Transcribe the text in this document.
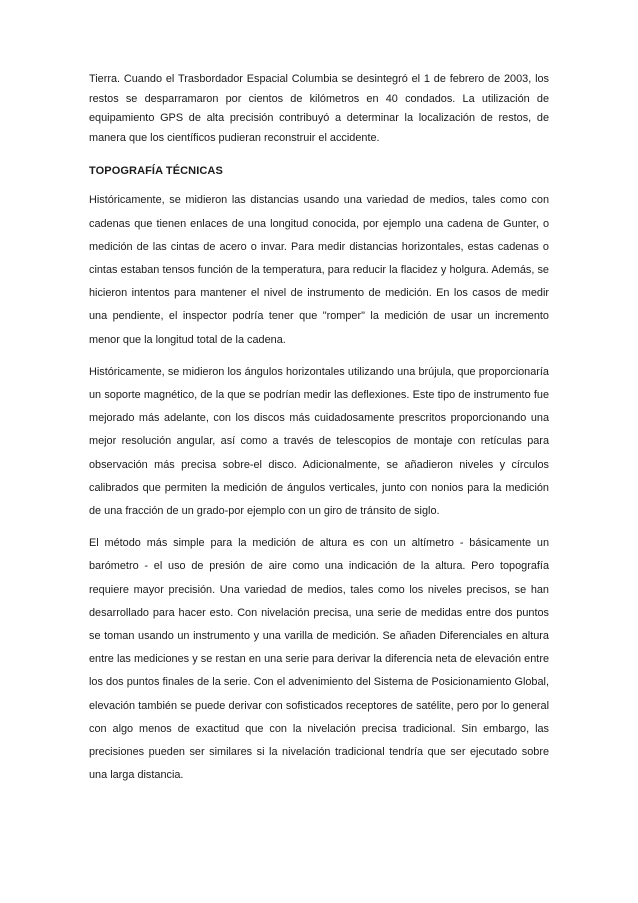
Tierra. Cuando el Trasbordador Espacial Columbia se desintegró el 1 de febrero de 2003, los restos se desparramaron por cientos de kilómetros en 40 condados. La utilización de equipamiento GPS de alta precisión contribuyó a determinar la localización de restos, de manera que los científicos pudieran reconstruir el accidente.

TOPOGRAFÍA TÉCNICAS

Históricamente, se midieron las distancias usando una variedad de medios, tales como con cadenas que tienen enlaces de una longitud conocida, por ejemplo una cadena de Gunter, o medición de las cintas de acero o invar. Para medir distancias horizontales, estas cadenas o cintas estaban tensos función de la temperatura, para reducir la flacidez y holgura. Además, se hicieron intentos para mantener el nivel de instrumento de medición. En los casos de medir una pendiente, el inspector podría tener que "romper" la medición de usar un incremento menor que la longitud total de la cadena.

Históricamente, se midieron los ángulos horizontales utilizando una brújula, que proporcionaría un soporte magnético, de la que se podrían medir las deflexiones. Este tipo de instrumento fue mejorado más adelante, con los discos más cuidadosamente prescritos proporcionando una mejor resolución angular, así como a través de telescopios de montaje con retículas para observación más precisa sobre-el disco. Adicionalmente, se añadieron niveles y círculos calibrados que permiten la medición de ángulos verticales, junto con nonios para la medición de una fracción de un grado-por ejemplo con un giro de tránsito de siglo.

El método más simple para la medición de altura es con un altímetro - básicamente un barómetro - el uso de presión de aire como una indicación de la altura. Pero topografía requiere mayor precisión. Una variedad de medios, tales como los niveles precisos, se han desarrollado para hacer esto. Con nivelación precisa, una serie de medidas entre dos puntos se toman usando un instrumento y una varilla de medición. Se añaden Diferenciales en altura entre las mediciones y se restan en una serie para derivar la diferencia neta de elevación entre los dos puntos finales de la serie. Con el advenimiento del Sistema de Posicionamiento Global, elevación también se puede derivar con sofisticados receptores de satélite, pero por lo general con algo menos de exactitud que con la nivelación precisa tradicional. Sin embargo, las precisiones pueden ser similares si la nivelación tradicional tendría que ser ejecutado sobre una larga distancia.
